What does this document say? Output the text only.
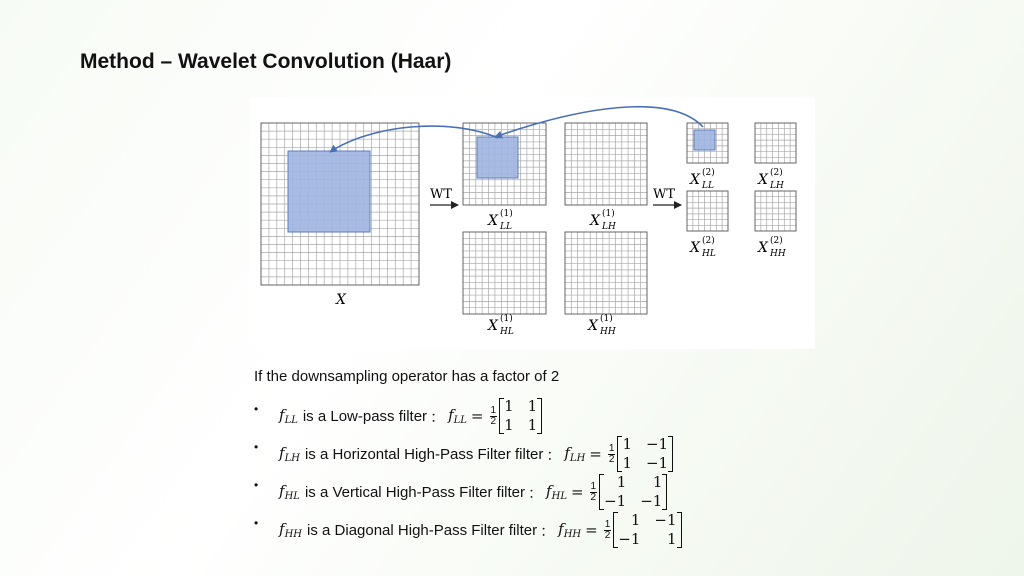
Method – Wavelet Convolution (Haar)
WT	WT
X
X (1)
LL	X (1)
LH
X (1)
HL	X (1)
HH
X (2)
LL	X (2)
LH
X (2)
HL	X (2)
HH
If the downsampling operator has a factor of 2
• $f_{LL}$ is a Low-pass filter ： $f_{LL} = \frac{1}{2} 1$ 1
1 1
• $f_{LH}$ is a Horizontal High-Pass Filter filter ： $f_{LH} = \frac{1}{2} 1 -1$
1 −1
• $f_{HL}$ is a Vertical High-Pass Filter filter ： $f_{HL} = \frac{1}{2}$	1	1
−1 −1
• $f_{HH}$ is a Diagonal High-Pass Filter filter ： $f_{HH} = \frac{1}{2}$	1 −1
−1	1
